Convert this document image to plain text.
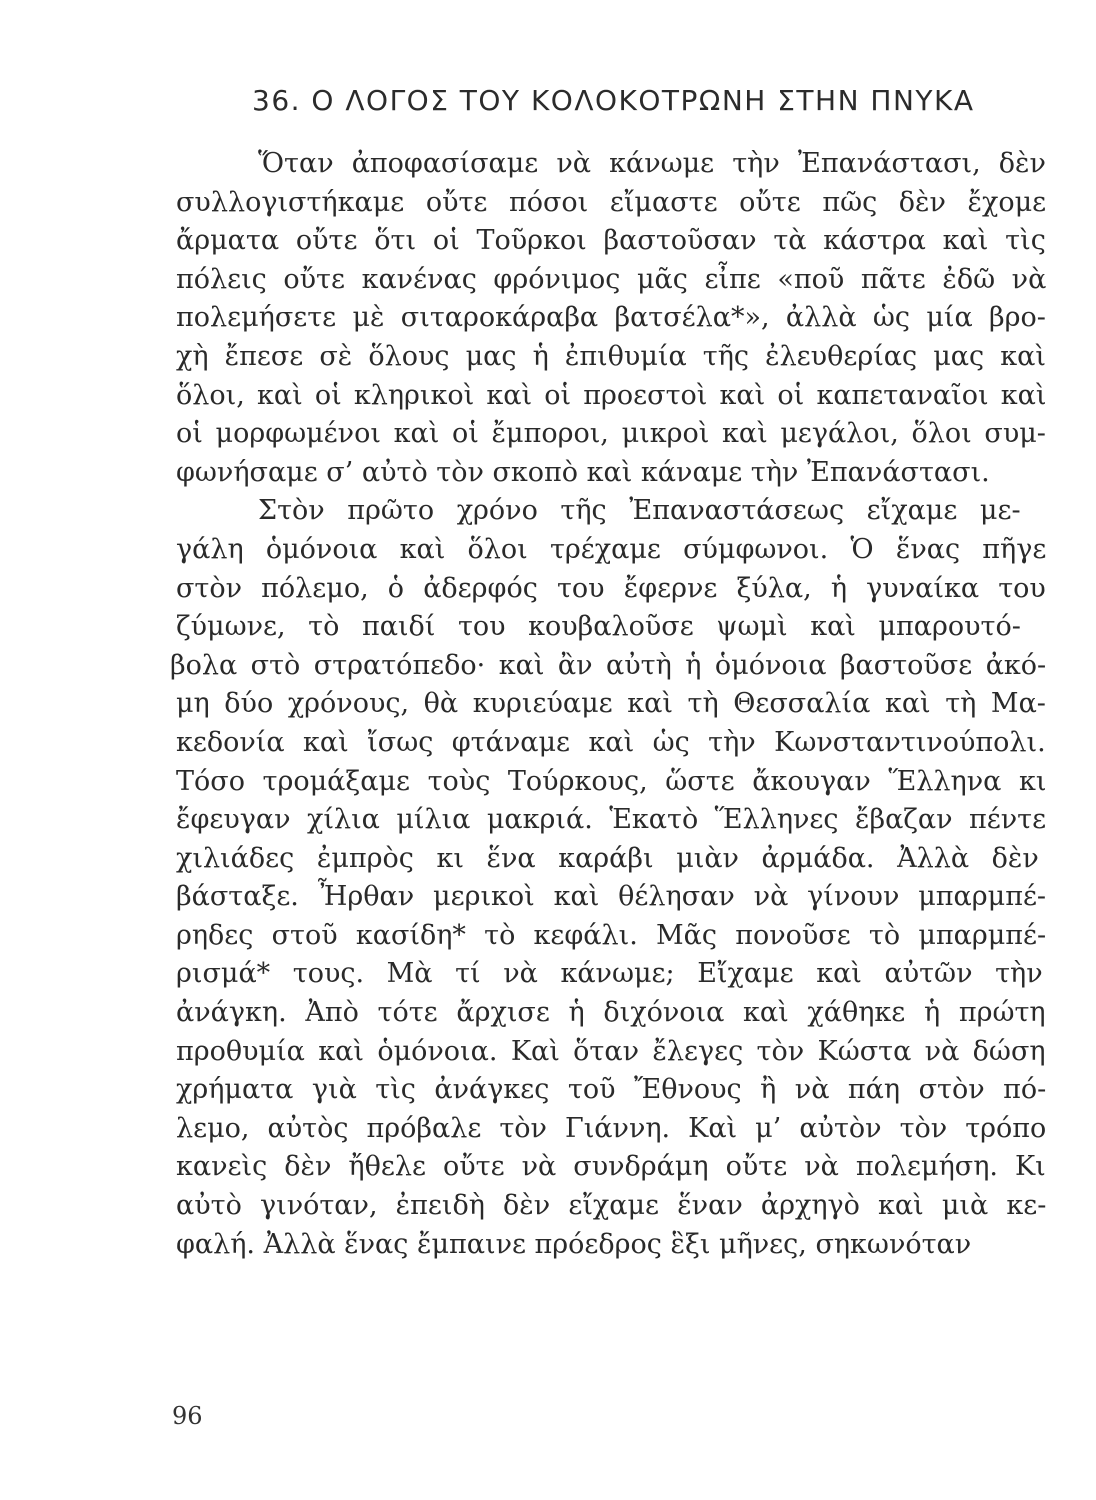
36. Ο ΛΟΓΟΣ ΤΟΥ ΚΟΛΟΚΟΤΡΩΝΗ ΣΤΗΝ ΠΝΥΚΑ
Ὅταν ἀποφασίσαμε νὰ κάνωμε τὴν Ἐπανάστασι, δὲν
συλλογιστήκαμε οὔτε πόσοι εἴμαστε οὔτε πῶς δὲν ἔχομε
ἄρματα οὔτε ὅτι οἱ Τοῦρκοι βαστοῦσαν τὰ κάστρα καὶ τὶς
πόλεις οὔτε κανένας φρόνιμος μᾶς εἶπε «ποῦ πᾶτε ἐδῶ νὰ
πολεμήσετε μὲ σιταροκάραβα βατσέλα*», ἀλλὰ ὡς μία βρο-
χὴ ἔπεσε σὲ ὅλους μας ἡ ἐπιθυμία τῆς ἐλευθερίας μας καὶ
ὅλοι, καὶ οἱ κληρικοὶ καὶ οἱ προεστοὶ καὶ οἱ καπεταναῖοι καὶ
οἱ μορφωμένοι καὶ οἱ ἔμποροι, μικροὶ καὶ μεγάλοι, ὅλοι συμ-
φωνήσαμε σ’ αὐτὸ τὸν σκοπὸ καὶ κάναμε τὴν Ἐπανάστασι.
Στὸν πρῶτο χρόνο τῆς Ἐπαναστάσεως εἴχαμε με-
γάλη ὁμόνοια καὶ ὅλοι τρέχαμε σύμφωνοι. Ὁ ἕνας πῆγε
στὸν πόλεμο, ὁ ἀδερφός του ἔφερνε ξύλα, ἡ γυναίκα του
ζύμωνε, τὸ παιδί του κουβαλοῦσε ψωμὶ καὶ μπαρουτό-
βολα στὸ στρατόπεδο· καὶ ἂν αὐτὴ ἡ ὁμόνοια βαστοῦσε ἀκό-
μη δύο χρόνους, θὰ κυριεύαμε καὶ τὴ Θεσσαλία καὶ τὴ Μα-
κεδονία καὶ ἴσως φτάναμε καὶ ὡς τὴν Κωνσταντινούπολι.
Τόσο τρομάξαμε τοὺς Τούρκους, ὥστε ἄκουγαν Ἕλληνα κι
ἔφευγαν χίλια μίλια μακριά. Ἑκατὸ Ἕλληνες ἔβαζαν πέντε
χιλιάδες ἐμπρὸς κι ἕνα καράβι μιὰν ἀρμάδα. Ἀλλὰ δὲν
βάσταξε. Ἦρθαν μερικοὶ καὶ θέλησαν νὰ γίνουν μπαρμπέ-
ρηδες στοῦ κασίδη* τὸ κεφάλι. Μᾶς πονοῦσε τὸ μπαρμπέ-
ρισμά* τους. Μὰ τί νὰ κάνωμε; Εἴχαμε καὶ αὐτῶν τὴν
ἀνάγκη. Ἀπὸ τότε ἄρχισε ἡ διχόνοια καὶ χάθηκε ἡ πρώτη
προθυμία καὶ ὁμόνοια. Καὶ ὅταν ἔλεγες τὸν Κώστα νὰ δώση
χρήματα γιὰ τὶς ἀνάγκες τοῦ Ἔθνους ἢ νὰ πάη στὸν πό-
λεμο, αὐτὸς πρόβαλε τὸν Γιάννη. Καὶ μ’ αὐτὸν τὸν τρόπο
κανεὶς δὲν ἤθελε οὔτε νὰ συνδράμη οὔτε νὰ πολεμήση. Κι
αὐτὸ γινόταν, ἐπειδὴ δὲν εἴχαμε ἕναν ἀρχηγὸ καὶ μιὰ κε-
φαλή. Ἀλλὰ ἕνας ἔμπαινε πρόεδρος ἓξι μῆνες, σηκωνόταν
96
